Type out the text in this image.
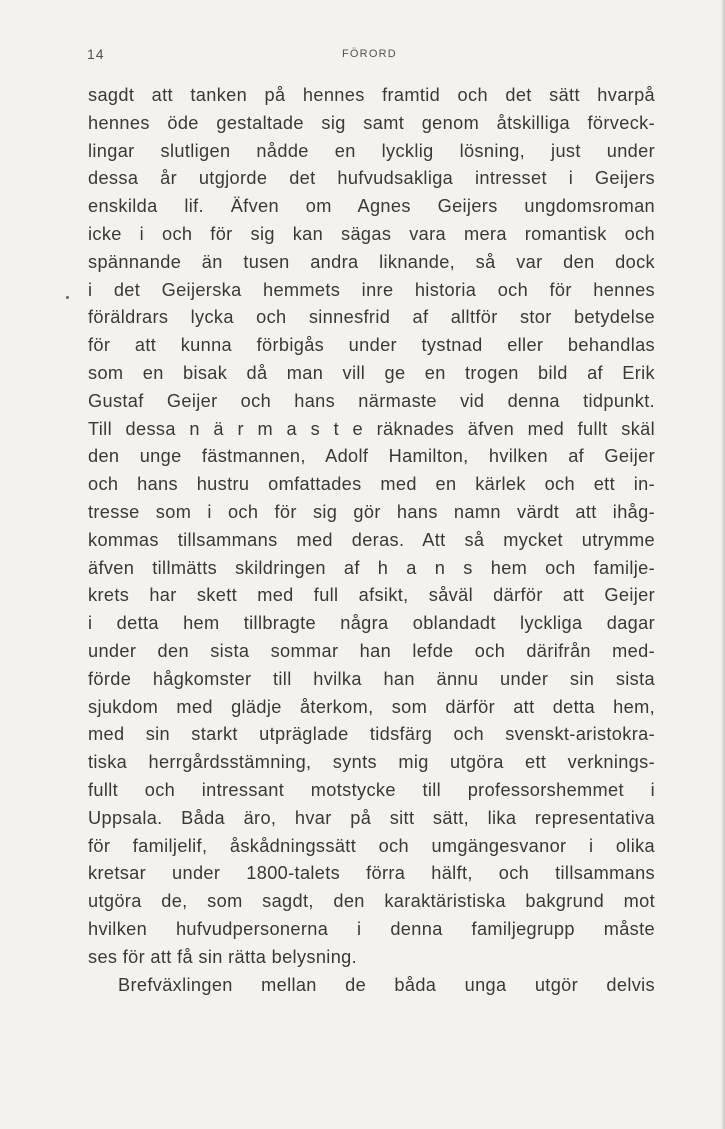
14	FÖRORD
sagdt att tanken på hennes framtid och det sätt hvarpå
hennes öde gestaltade sig samt genom åtskilliga förveck-
lingar slutligen nådde en lycklig lösning, just under
dessa år utgjorde det hufvudsakliga intresset i Geijers
enskilda lif. Äfven om Agnes Geijers ungdomsroman
icke i och för sig kan sägas vara mera romantisk och
spännande än tusen andra liknande, så var den dock
i det Geijerska hemmets inre historia och för hennes
föräldrars lycka och sinnesfrid af alltför stor betydelse
för att kunna förbigås under tystnad eller behandlas
som en bisak då man vill ge en trogen bild af Erik
Gustaf Geijer och hans närmaste vid denna tidpunkt.
Till dessa n ä r m a s t e räknades äfven med fullt skäl
den unge fästmannen, Adolf Hamilton, hvilken af Geijer
och hans hustru omfattades med en kärlek och ett in-
tresse som i och för sig gör hans namn värdt att ihåg-
kommas tillsammans med deras. Att så mycket utrymme
äfven tillmätts skildringen af h a n s hem och familje-
krets har skett med full afsikt, såväl därför att Geijer
i detta hem tillbragte några oblandadt lyckliga dagar
under den sista sommar han lefde och därifrån med-
förde hågkomster till hvilka han ännu under sin sista
sjukdom med glädje återkom, som därför att detta hem,
med sin starkt utpräglade tidsfärg och svenskt-aristokra-
tiska herrgårdsstämning, synts mig utgöra ett verknings-
fullt och intressant motstycke till professorshemmet i
Uppsala. Båda äro, hvar på sitt sätt, lika representativa
för familjelif, åskådningssätt och umgängesvanor i olika
kretsar under 1800-talets förra hälft, och tillsammans
utgöra de, som sagdt, den karaktäristiska bakgrund mot
hvilken hufvudpersonerna i denna familjegrupp måste
ses för att få sin rätta belysning.
Brefväxlingen mellan de båda unga utgör delvis
